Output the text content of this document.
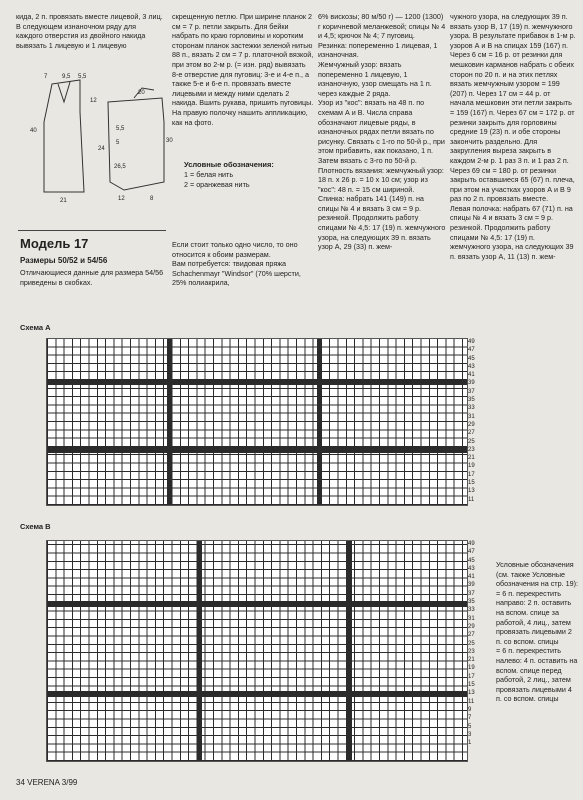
кида, 2 п. провязать вместе лицевой, 3 лиц. В следующем изнаночном ряду для каждого отверстия из двойного накида вывязать 1 лицевую и 1 лицевую
скрещенную петлю. При ширине планок 2 см = 7 р. петли закрыть. Для бейки набрать по краю горловины и коротким сторонам планок застежки зеленой нитью 88 п., вязать 2 см = 7 р. платочной вязкой, при этом во 2-м р. (= изн. ряд) вывязать 8-е отверстие для пуговиц: 3-е и 4-е п., а также 5-е и 6-е п. провязать вместе лицевыми и между ними сделать 2 накида. Вшить рукава, пришить пуговицы. На правую полочку нашить аппликацию, как на фото.
Условные обозначения:
1 = белая нить
2 = оранжевая нить
7 9,5 5,5
40
12
24
21
5,5
5
26,5
12	8
20
30
Модель 17
Размеры 50/52 и 54/56
Отличающиеся данные для размера 54/56 приведены в скобках.
Если стоит только одно число, то оно относится к обоим размерам.
Вам потребуется: твидовая пряжа Schachenmayr "Windsor" (70% шерсти, 25% полиакрила,
6% вискозы; 80 м/50 г) — 1200 (1300) г коричневой меланжевой; спицы № 4 и 4,5; крючок № 4; 7 пуговиц.
Резинка: попеременно 1 лицевая, 1 изнаночная.
Жемчужный узор: вязать попеременно 1 лицевую, 1 изнаночную, узор смещать на 1 п. через каждые 2 ряда.
Узор из "кос": вязать на 48 п. по схемам А и В. Числа справа обозначают лицевые ряды, в изнаночных рядах петли вязать по рисунку. Связать с 1-го по 50-й р., при этом прибавить, как показано, 1 п. Затем вязать с 3-го по 50-й р.
Плотность вязания: жемчужный узор: 18 п. х 26 р. = 10 х 10 см; узор из "кос": 48 п. = 15 см шириной.
Спинка: набрать 141 (149) п. на спицы № 4 и вязать 3 см = 9 р. резинкой. Продолжить работу спицами № 4,5: 17 (19) п. жемчужного узора, на следующих 39 п. вязать узор А, 29 (33) п. жем-
чужного узора, на следующих 39 п. вязать узор В, 17 (19) п. жемчужного узора. В результате прибавок в 1-м р. узоров А и В на спицах 159 (167) п. Через 6 см = 16 р. от резинки для мешковин карманов набрать с обеих сторон по 20 п. и на этих петлях вязать жемчужным узором = 199 (207) п. Через 17 см = 44 р. от начала мешковин эти петли закрыть = 159 (167) п. Через 67 см = 172 р. от резинки закрыть для горловины средние 19 (23) п. и обе стороны закончить раздельно. Для закругления выреза закрыть в каждом 2-м р. 1 раз 3 п. и 1 раз 2 п. Через 69 см = 180 р. от резинки закрыть оставшиеся 65 (67) п. плеча, при этом на участках узоров А и В 9 раз по 2 п. провязать вместе.
Левая полочка: набрать 67 (71) п. на спицы № 4 и вязать 3 см = 9 р. резинкой. Продолжить работу спицами № 4,5: 17 (19) п. жемчужного узора, на следующих 39 п. вязать узор А, 11 (13) п. жем-
Схема А
49
47
45
43
41
39
37
35
33
31
29
27
25
23
21
19
17
15
13
11
Схема В
49
47
45
43
41
39
37
35
33
31
29
27
25
23
21
19
17
15
13
11
9
7
5
3
1
Условные обозначения
(см. также Условные обозначения на стр. 19):
= 6 п. перекрестить направо: 2 п. оставить на вспом. спице за работой, 4 лиц., затем провязать лицевыми 2 п. со вспом. спицы
= 6 п. перекрестить налево: 4 п. оставить на вспом. спице перед работой, 2 лиц., затем провязать лицевыми 4 п. со вспом. спицы
34 VERENA 3/99
